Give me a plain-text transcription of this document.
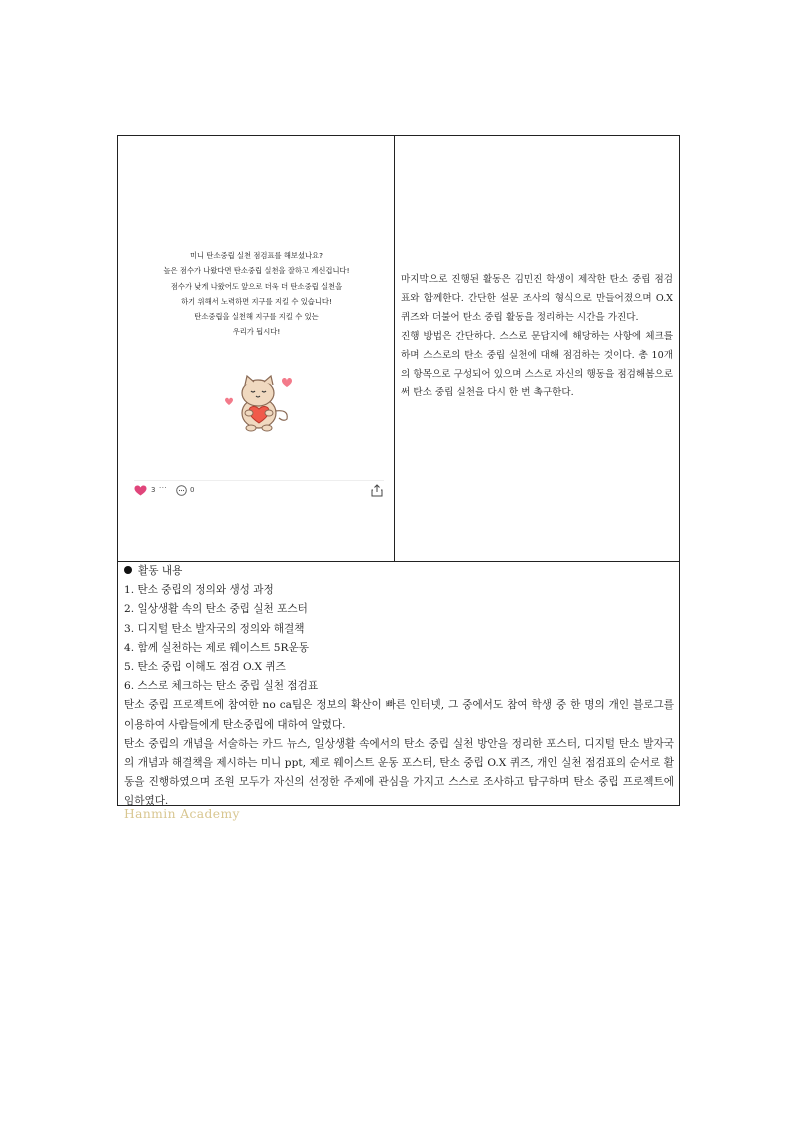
미니 탄소중립 실천 점검표를 해보셨나요?
높은 점수가 나왔다면 탄소중립 실천을 잘하고 계신겁니다!
점수가 낮게 나왔어도 앞으로 더욱 더 탄소중립 실천을
하기 위해서 노력하면 지구를 지킬 수 있습니다!
탄소중립을 실천해 지구를 지킬 수 있는
우리가 됩시다!
3 ···	0

마지막으로 진행된 활동은 김민진 학생이 제작한 탄소 중립 점검표와 함께한다. 간단한 설문 조사의 형식으로 만들어졌으며 O.X 퀴즈와 더불어 탄소 중립 활동을 정리하는 시간을 가진다.

진행 방법은 간단하다. 스스로 문답지에 해당하는 사항에 체크를 하며 스스로의 탄소 중립 실천에 대해 점검하는 것이다. 총 10개의 항목으로 구성되어 있으며 스스로 자신의 행동을 점검해봄으로써 탄소 중립 실천을 다시 한 번 촉구한다.

활동 내용
1. 탄소 중립의 정의와 생성 과정
2. 일상생활 속의 탄소 중립 실천 포스터
3. 디지털 탄소 발자국의 정의와 해결책
4. 함께 실천하는 제로 웨이스트 5R운동
5. 탄소 중립 이해도 점검 O.X 퀴즈
6. 스스로 체크하는 탄소 중립 실천 점검표

탄소 중립 프로젝트에 참여한 no ca팀은 정보의 확산이 빠른 인터넷, 그 중에서도 참여 학생 중 한 명의 개인 블로그를 이용하여 사람들에게 탄소중립에 대하여 알렸다.

탄소 중립의 개념을 서술하는 카드 뉴스, 일상생활 속에서의 탄소 중립 실천 방안을 정리한 포스터, 디지털 탄소 발자국의 개념과 해결책을 제시하는 미니 ppt, 제로 웨이스트 운동 포스터, 탄소 중립 O.X 퀴즈, 개인 실천 점검표의 순서로 활동을 진행하였으며 조원 모두가 자신의 선정한 주제에 관심을 가지고 스스로 조사하고 탐구하며 탄소 중립 프로젝트에 임하였다.

Hanmin Academy
